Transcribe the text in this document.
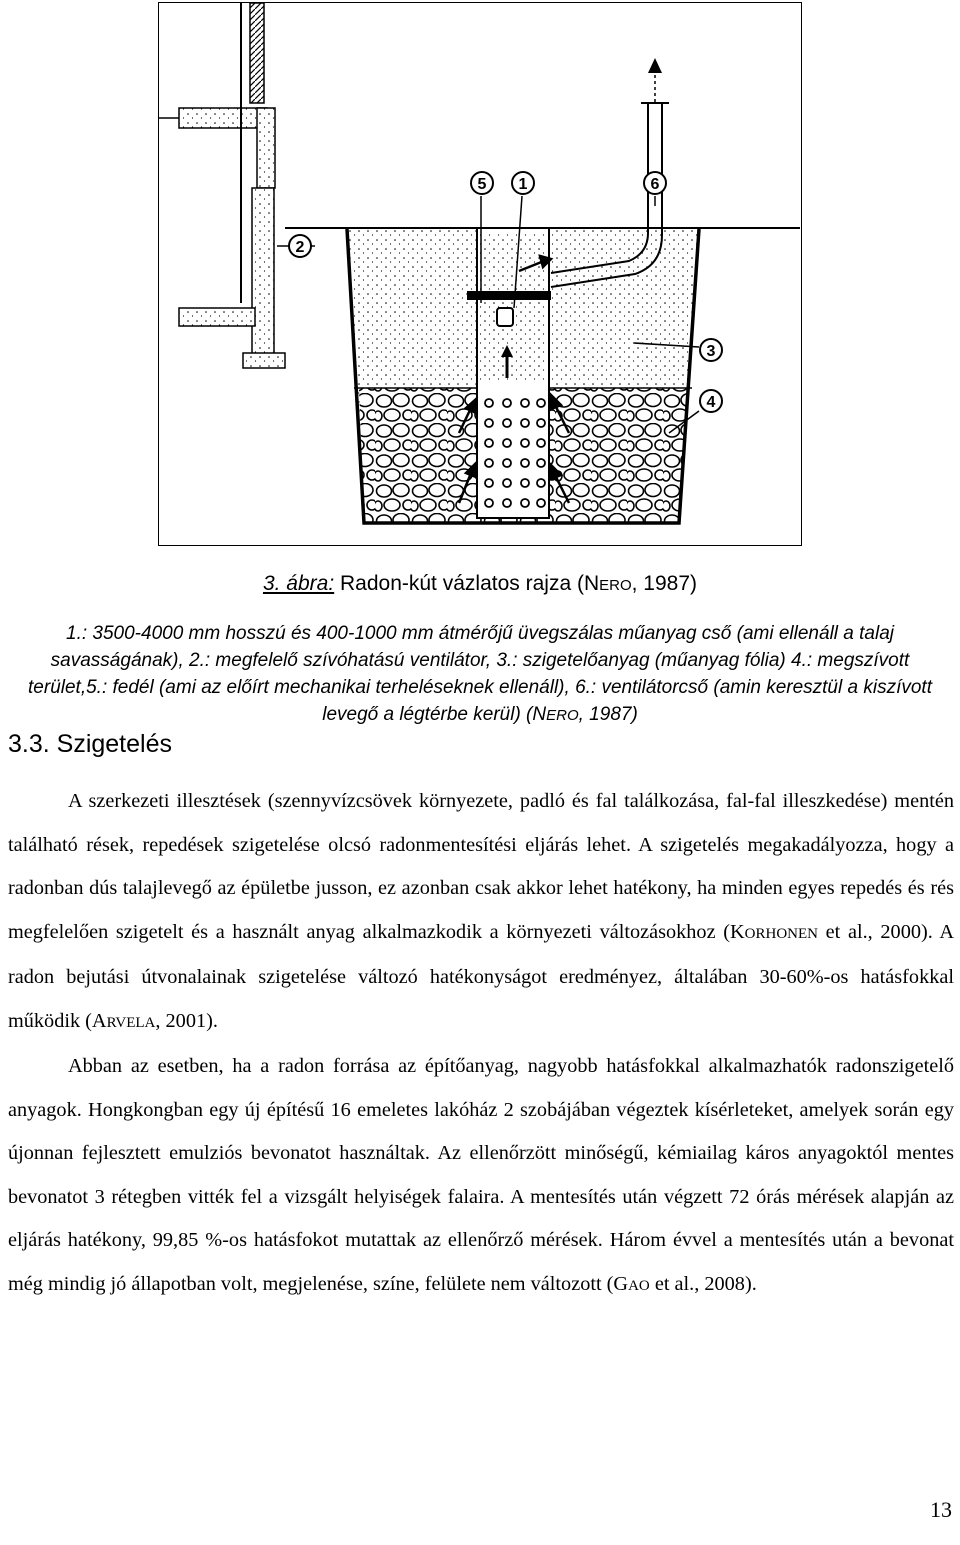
5 1	6
2
3
4
3. ábra: Radon-kút vázlatos rajza (NERO, 1987)
1.: 3500-4000 mm hosszú és 400-1000 mm átmérőjű üvegszálas műanyag cső (ami ellenáll a talaj savasságának), 2.: megfelelő szívóhatású ventilátor, 3.: szigetelőanyag (műanyag fólia) 4.: megszívott terület,5.: fedél (ami az előírt mechanikai terheléseknek ellenáll), 6.: ventilátorcső (amin keresztül a kiszívott levegő a légtérbe kerül) (NERO, 1987)
3.3. Szigetelés

A szerkezeti illesztések (szennyvízcsövek környezete, padló és fal találkozása, fal-fal illeszkedése) mentén található rések, repedések szigetelése olcsó radonmentesítési eljárás lehet. A szigetelés megakadályozza, hogy a radonban dús talajlevegő az épületbe jusson, ez azonban csak akkor lehet hatékony, ha minden egyes repedés és rés megfelelően szigetelt és a használt anyag alkalmazkodik a környezeti változásokhoz (KORHONEN et al., 2000). A radon bejutási útvonalainak szigetelése változó hatékonyságot eredményez, általában 30-60%-os hatásfokkal működik (ARVELA, 2001).

Abban az esetben, ha a radon forrása az építőanyag, nagyobb hatásfokkal alkalmazhatók radonszigetelő anyagok. Hongkongban egy új építésű 16 emeletes lakóház 2 szobájában végeztek kísérleteket, amelyek során egy újonnan fejlesztett emulziós bevonatot használtak. Az ellenőrzött minőségű, kémiailag káros anyagoktól mentes bevonatot 3 rétegben vitték fel a vizsgált helyiségek falaira. A mentesítés után végzett 72 órás mérések alapján az eljárás hatékony, 99,85 %-os hatásfokot mutattak az ellenőrző mérések. Három évvel a mentesítés után a bevonat még mindig jó állapotban volt, megjelenése, színe, felülete nem változott (GAO et al., 2008).

13
